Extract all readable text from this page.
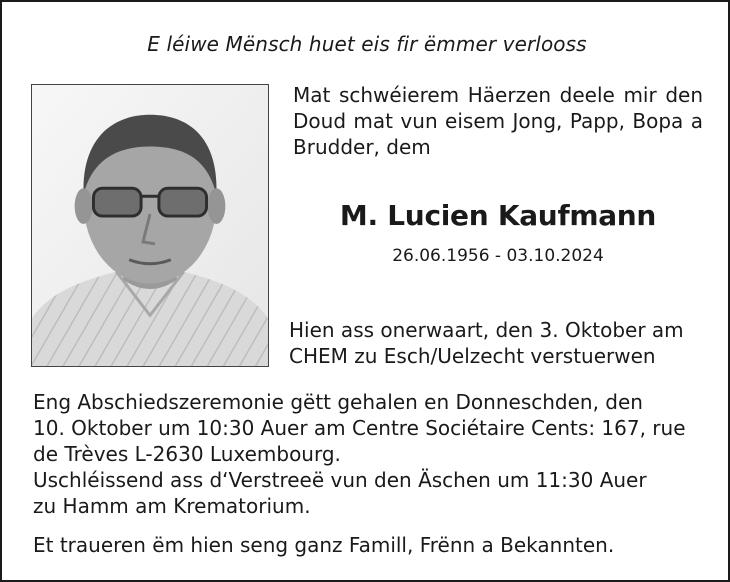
E léiwe Mënsch huet eis fir ëmmer verlooss
Mat schwéierem Häerzen deele mir den Doud mat vun eisem Jong, Papp, Bopa a Brudder, dem
M. Lucien Kaufmann
26.06.1956 - 03.10.2024
Hien ass onerwaart, den 3. Oktober am CHEM zu Esch/Uelzecht verstuerwen
Eng Abschiedszeremonie gëtt gehalen en Donneschden, den
10. Oktober um 10:30 Auer am Centre Sociétaire Cents: 167, rue
de Trèves L-2630 Luxembourg.
Uschléissend ass d‘Verstreeë vun den Äschen um 11:30 Auer
zu Hamm am Krematorium.
Et traueren ëm hien seng ganz Famill, Frënn a Bekannten.
